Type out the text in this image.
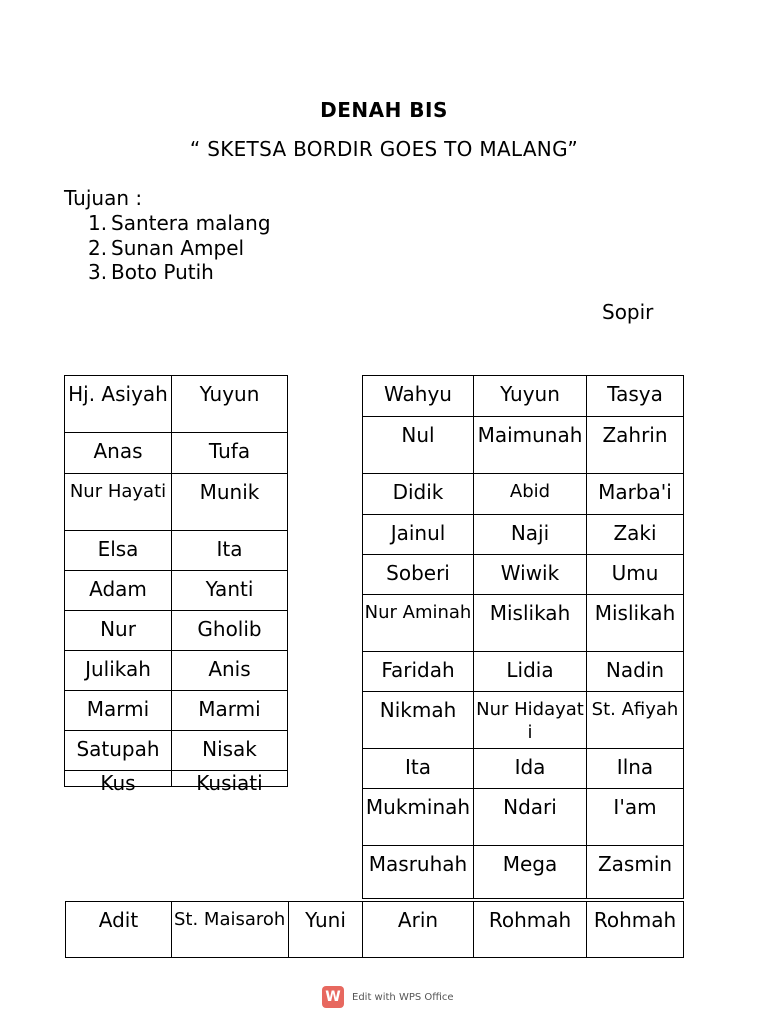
DENAH BIS
“ SKETSA BORDIR GOES TO MALANG”
Tujuan :
1. Santera malang
2. Sunan Ampel
3. Boto Putih
Sopir
Hj. Asiyah	Yuyun
Anas	Tufa
Nur Hayati	Munik
Elsa	Ita
Adam	Yanti
Nur	Gholib
Julikah	Anis
Marmi	Marmi
Satupah	Nisak

Kus	Kusiati
Wahyu	Yuyun	Tasya
Nul	Maimunah	Zahrin
Didik	Abid	Marba'i
Jainul	Naji	Zaki
Soberi	Wiwik	Umu
Nur Aminah	Mislikah	Mislikah
Faridah	Lidia	Nadin
Nikmah	Nur Hidayati	St. Afiyah
Ita	Ida	Ilna
Mukminah	Ndari	I'am
Masruhah	Mega	Zasmin
Adit	St. Maisaroh	Yuni	Arin	Rohmah	Rohmah
W	Edit with WPS Office
